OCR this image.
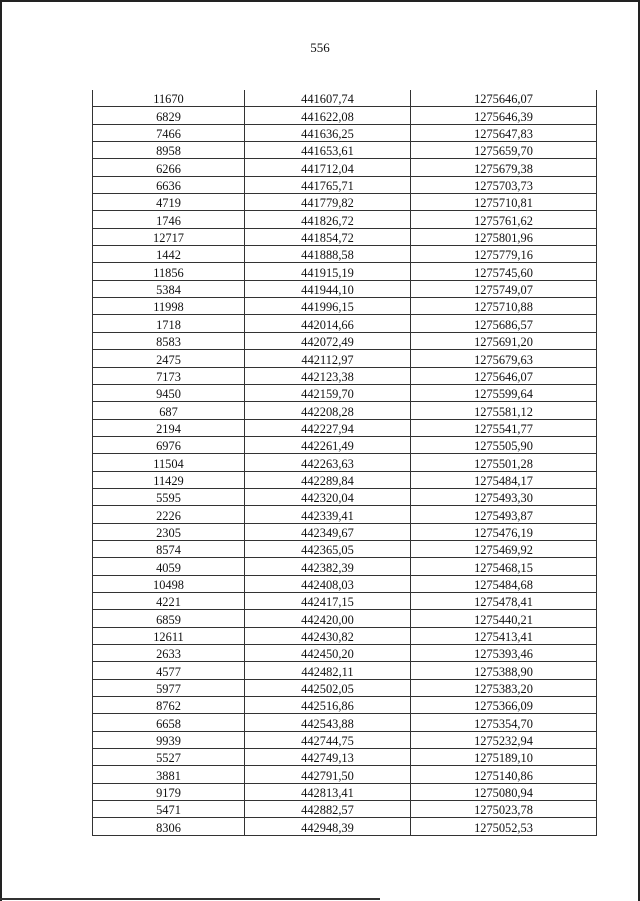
556
11670	441607,74	1275646,07
6829	441622,08	1275646,39
7466	441636,25	1275647,83
8958	441653,61	1275659,70
6266	441712,04	1275679,38
6636	441765,71	1275703,73
4719	441779,82	1275710,81
1746	441826,72	1275761,62
12717	441854,72	1275801,96
1442	441888,58	1275779,16
11856	441915,19	1275745,60
5384	441944,10	1275749,07
11998	441996,15	1275710,88
1718	442014,66	1275686,57
8583	442072,49	1275691,20
2475	442112,97	1275679,63
7173	442123,38	1275646,07
9450	442159,70	1275599,64
687	442208,28	1275581,12
2194	442227,94	1275541,77
6976	442261,49	1275505,90
11504	442263,63	1275501,28
11429	442289,84	1275484,17
5595	442320,04	1275493,30
2226	442339,41	1275493,87
2305	442349,67	1275476,19
8574	442365,05	1275469,92
4059	442382,39	1275468,15
10498	442408,03	1275484,68
4221	442417,15	1275478,41
6859	442420,00	1275440,21
12611	442430,82	1275413,41
2633	442450,20	1275393,46
4577	442482,11	1275388,90
5977	442502,05	1275383,20
8762	442516,86	1275366,09
6658	442543,88	1275354,70
9939	442744,75	1275232,94
5527	442749,13	1275189,10
3881	442791,50	1275140,86
9179	442813,41	1275080,94
5471	442882,57	1275023,78
8306	442948,39	1275052,53
